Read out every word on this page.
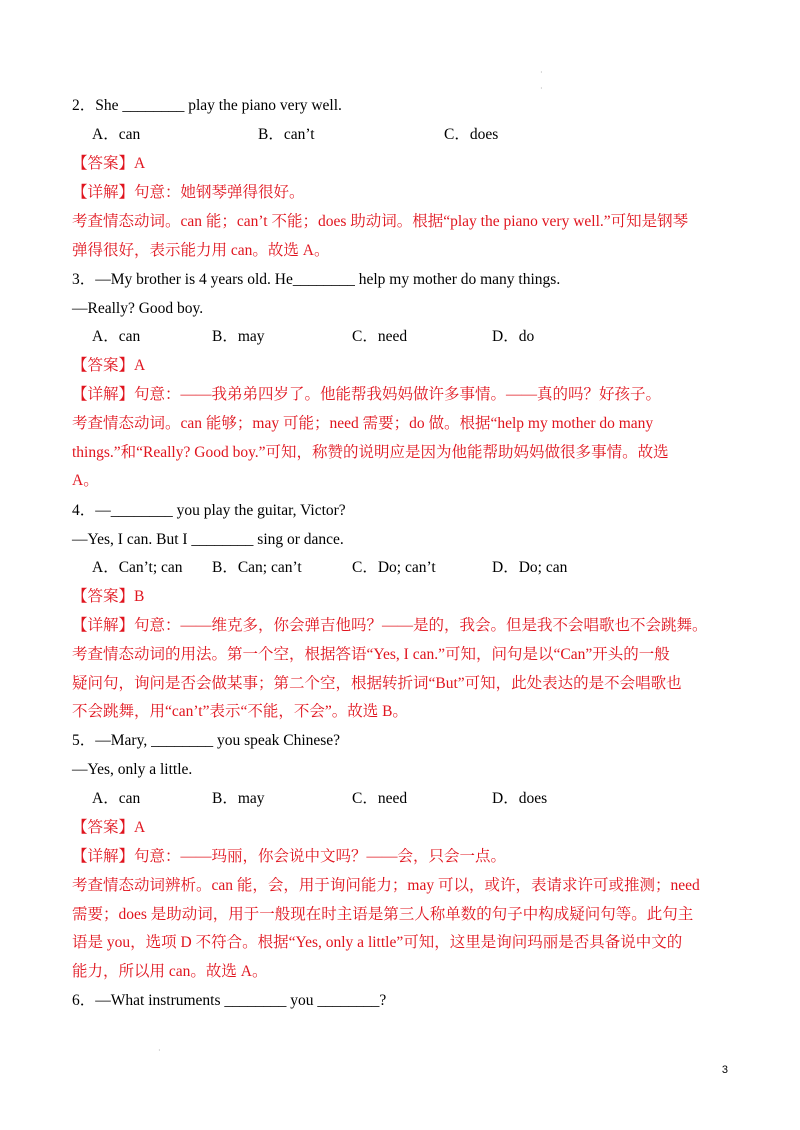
2．She ________ play the piano very well.
A．can	B．can’t	C．does
【答案】A
【详解】句意：她钢琴弹得很好。
考查情态动词。can 能；can’t 不能；does 助动词。根据“play the piano very well.”可知是钢琴
弹得很好，表示能力用 can。故选 A。
3．—My brother is 4 years old. He________ help my mother do many things.
—Really? Good boy.
A．can	B．may	C．need	D．do
【答案】A
【详解】句意：——我弟弟四岁了。他能帮我妈妈做许多事情。——真的吗？好孩子。
考查情态动词。can 能够；may 可能；need 需要；do 做。根据“help my mother do many
things.”和“Really? Good boy.”可知，称赞的说明应是因为他能帮助妈妈做很多事情。故选
A。
4．—________ you play the guitar, Victor?
—Yes, I can. But I ________ sing or dance.
A．Can’t; can B．Can; can’t	C．Do; can’t	D．Do; can
【答案】B
【详解】句意：——维克多，你会弹吉他吗？——是的，我会。但是我不会唱歌也不会跳舞。
考查情态动词的用法。第一个空，根据答语“Yes, I can.”可知，问句是以“Can”开头的一般
疑问句，询问是否会做某事；第二个空，根据转折词“But”可知，此处表达的是不会唱歌也
不会跳舞，用“can’t”表示“不能，不会”。故选 B。
5．—Mary, ________ you speak Chinese?
—Yes, only a little.
A．can	B．may	C．need	D．does
【答案】A
【详解】句意：——玛丽，你会说中文吗？——会，只会一点。
考查情态动词辨析。can 能，会，用于询问能力；may 可以，或许，表请求许可或推测；need
需要；does 是助动词，用于一般现在时主语是第三人称单数的句子中构成疑问句等。此句主
语是 you，选项 D 不符合。根据“Yes, only a little”可知，这里是询问玛丽是否具备说中文的
能力，所以用 can。故选 A。
6．—What instruments ________ you ________?
·
·
·
3
